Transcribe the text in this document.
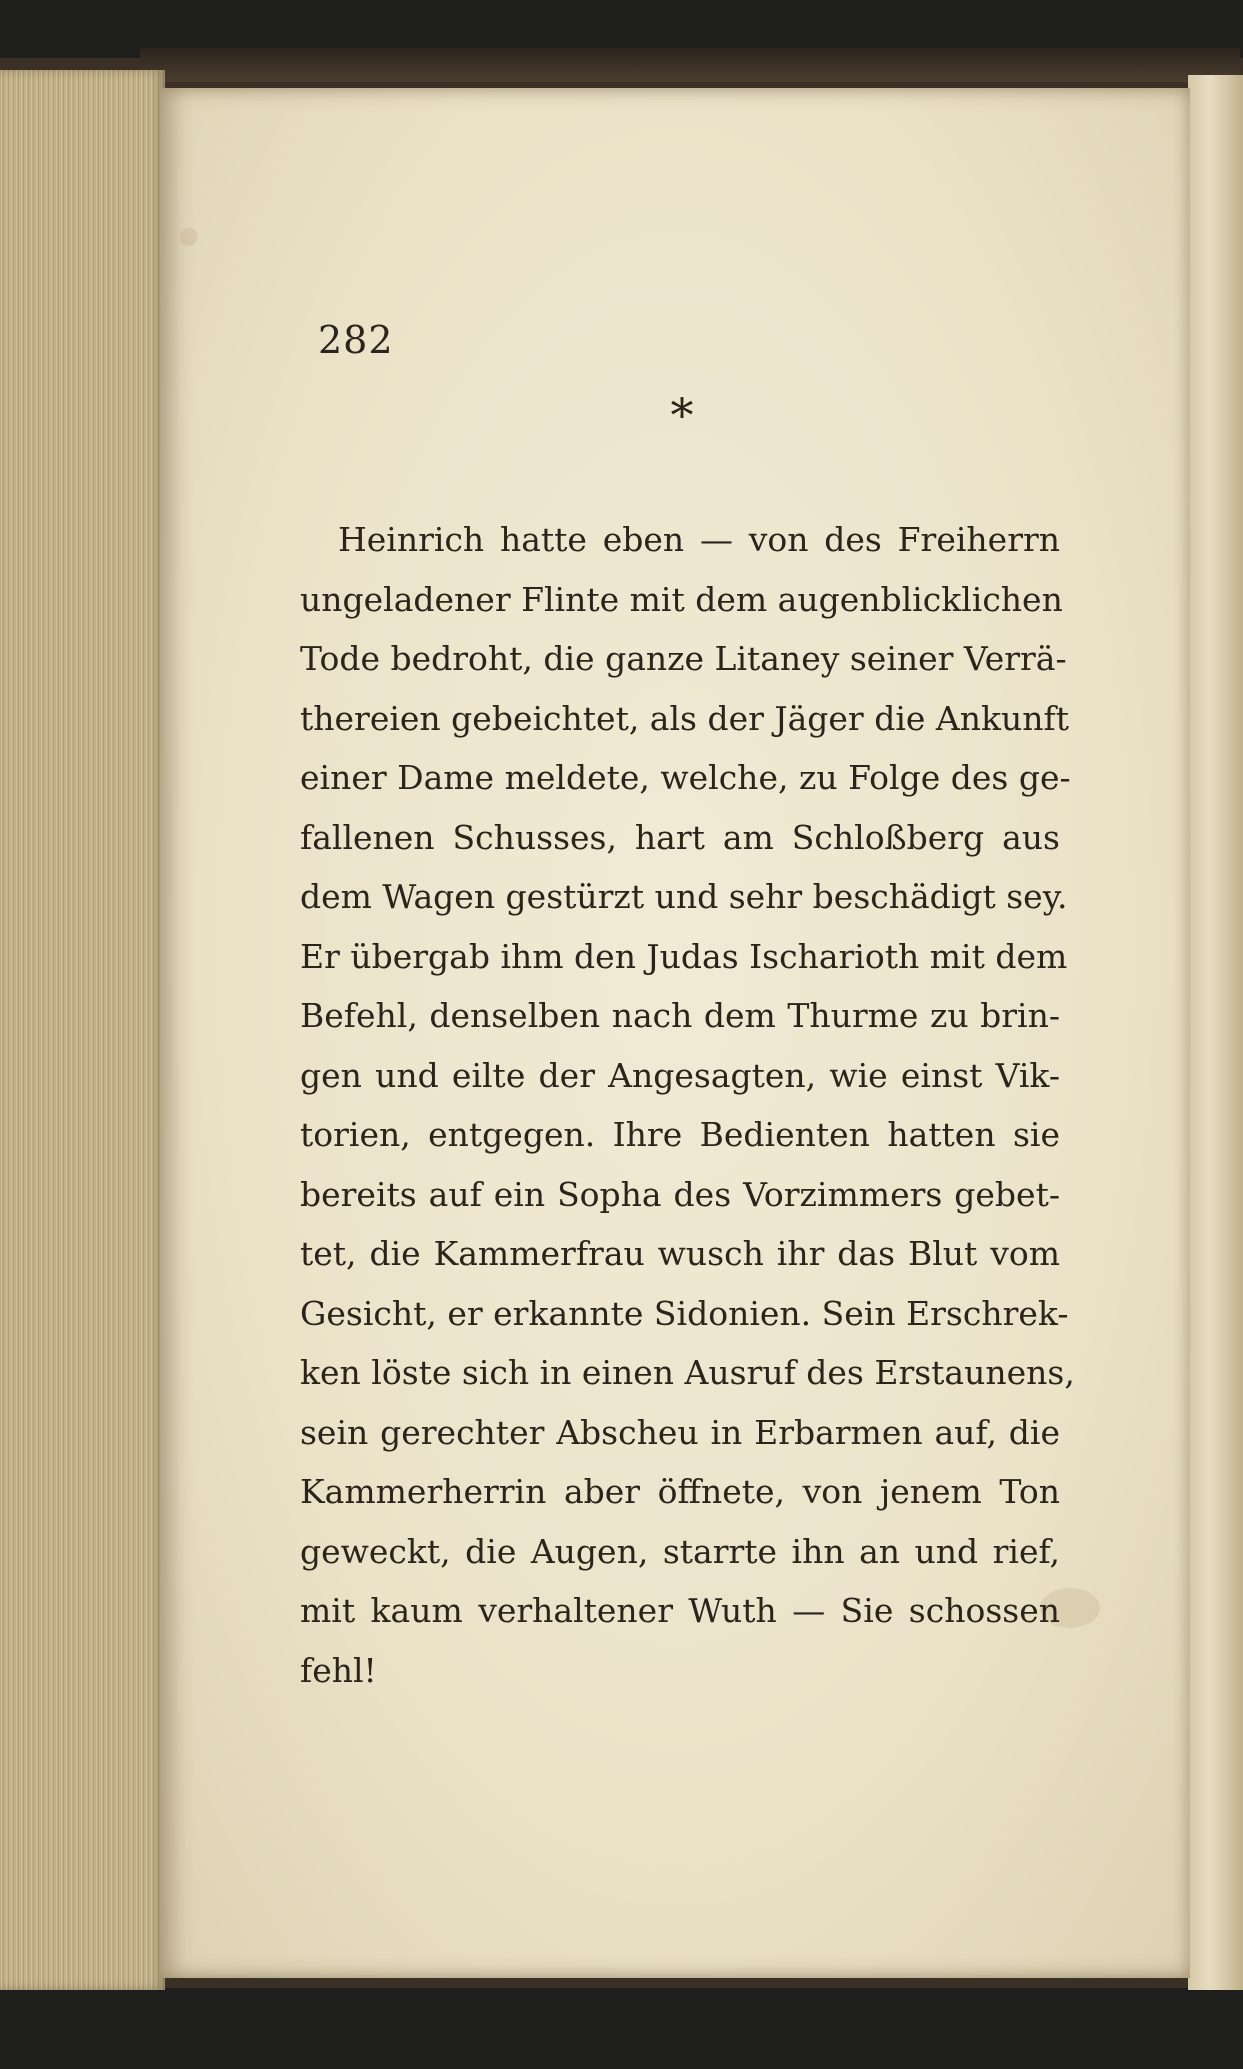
282
*
Heinrich hatte eben — von des Freiherrn
ungeladener Flinte mit dem augenblicklichen
Tode bedroht, die ganze Litaney seiner Verrä-
thereien gebeichtet, als der Jäger die Ankunft
einer Dame meldete, welche, zu Folge des ge-
fallenen Schusses, hart am Schloßberg aus
dem Wagen gestürzt und sehr beschädigt sey.
Er übergab ihm den Judas Ischarioth mit dem
Befehl, denselben nach dem Thurme zu brin-
gen und eilte der Angesagten, wie einst Vik-
torien, entgegen. Ihre Bedienten hatten sie
bereits auf ein Sopha des Vorzimmers gebet-
tet, die Kammerfrau wusch ihr das Blut vom
Gesicht, er erkannte Sidonien. Sein Erschrek-
ken löste sich in einen Ausruf des Erstaunens,
sein gerechter Abscheu in Erbarmen auf, die
Kammerherrin aber öffnete, von jenem Ton
geweckt, die Augen, starrte ihn an und rief,
mit kaum verhaltener Wuth — Sie schossen
fehl!
